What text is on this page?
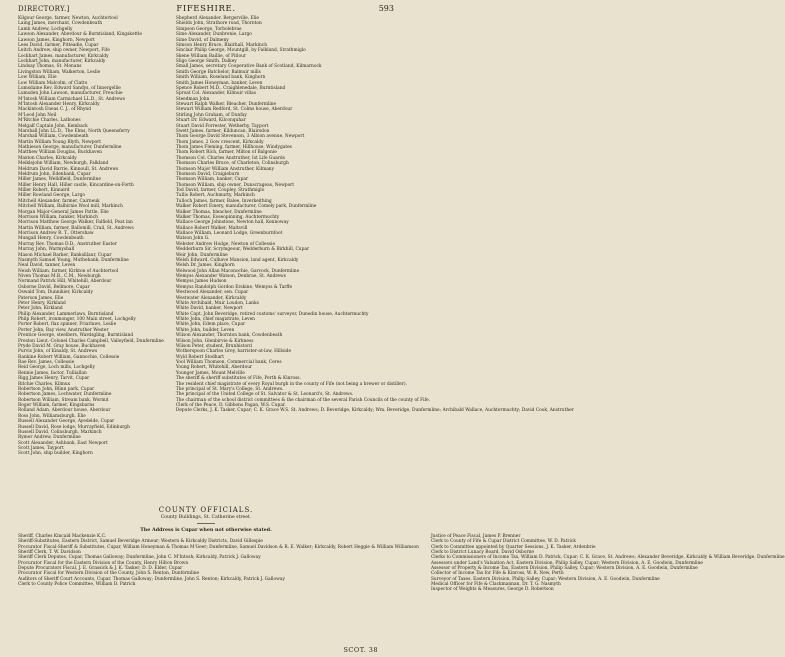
DIRECTORY.]	FIFESHIRE.	593
Kilgour George, farmer, Newton, Auchtertool
Laing James, merchant, Cowdenbeath
Lamb Andrew, Lochgelly
Lawson Alexander, Aberdour & Burntisland, Kingskettle
Lawson James, Kinghorn, Newport
Lees David, farmer, Pitteadie, Cupar
Leitch Andrew, ship owner, Newport, Fife
Lockhart James, manufacturer, Kirkcaldy
Lockhart John, manufacturer, Kirkcaldy
Lindsay Thomas, St. Monans
Livingston William, Walkerton, Leslie
Low William, Elie
Low William Malcolm, of Clatto
Lumsdaine Rev. Edward Sandys, of Innergellie
Lumsden John Lawson, manufacturer, Freuchie
M'Intosh William Carmichael LL.D., St. Andrews
M'Intosh Alexander Henry, Kirkcaldy
Mackintosh Eneas C. J., of Rhynd
M'Leod John Neil
M'Ritchie Charles, Lathones
Melgalf Captain John, Kemback
Marshall John LL.D., The Elms, North Queensferry
Marshall William, Cowdenbeath
Martin William Young Blyth, Newport
Mathieson George, manufacturer, Dunfermline
Matthew William Douglas, Buckhaven
Maxton Charles, Kirkcaldy
Meiklejohn William, Newburgh, Falkland
Meldrum David Barrie, Kinnoull, St. Andrews
Meldrum John, Edenbank, Cupar
Miller James, Welldfield, Dunfermline
Miller Henry Hall, Hiller castle, Kincardine-on-Forth
Miller Robert, Kinnaird
Miller Rowland George, Largo
Mitchell Alexander, farmer, Cairneuk
Mitchell William, Balbirnie Wool mill, Markinch
Morgan Major-General James Pattle, Elie
Morrison William, banker, Markinch
Morrison Matthew George Walker, Falfield, Peat inn
Martin William, farmer, Ballomill, Crail, St. Andrews
Morrison Andrew R. T., Ottershaw
Mungall Henry, Cowdenbeath
Murray Rev. Thomas D.D., Anstruther Easter
Murray John, Warmyshall
Mason Michael Barker, Bankslilaur, Cupar
Nasmyth Samuel Young, Muthebank, Dunfermline
Neal David, tanner, Leven
Neish William, farmer, Kirkton of Auchtertool
Niven Thomas M.B., C.M., Newburgh
Normand Patrick Hill, Whitehill, Aberdour
Osborne David, Bellmore, Cupar
Oswald Tom, Dunnikier, Kirkcaldy
Paterson James, Elie
Peter Henry, Kirkland
Peter John, Kirkland
Philip Alexander, Lammerlaws, Burntisland
Philp Robert, ironmonger, 100 Main street, Lochgelly
Porter Robert, flax spinner, Friarlaws, Leslie
Porter John, Bay view, Anstruther Wester
Prentice George, steelbers, Wardsgling, Burntisland
Preston Lieut.-Colonel Charles Campbell, Valleyfield, Dunfermline
Pryde David M. Gray house, Buckhaven
Purvis John, of Kinaldy, St. Andrews
Rankine Robert William, Gannochie, Collessie
Rae Rev. James, Collessie
Reid George, Loch mills, Lochgelly
Rennie James, factor, Tulliallan
Rigg James Henry, Tarvit, Cupar
Ritchie Charles, Kilmux
Robertson John, Blinn park, Cupar
Robertson James, Lochwater, Dunfermline
Robertson William, Stream bank, Wormit
Roger William, farmer, Kingsbarns
Rolland Adam, Aberdour house, Aberdour
Ross John, Williamsburgh, Elie
Russell Alexander George, Ayedelde, Cupar
Russell David, Rose lodge, Murrayfield, Edinburgh
Russell David, Colinsburgh, Markinch
Rymer Andrew, Dunfermline
Scott Alexander, Ashbank, East Newport
Scott James, Tayport
Scott John, ship builder, Kinghorn
Shepherd Alexander, Bergerville, Elie
Shields John, Strathore road, Thornton
Simpson George, Torbolebrae
Sime Alexander, Dunbrenie, Largo
Sime David, of Dalmeny
Simson Henry Bruce, Blairhall, Markinch
Sinclair Philip George, Mountgill, by Falkland, Strathmiglo
Skene William Baillie, of Pitlour
Sligo George Smith, Dalkey
Small James, secretary Cooperative Bank of Scotland, Kilmarnock
Smith George Batchelor, Balmuir mills
Smith William, Roseland bank, Kinghorn
Smith James Honeyman, banker, Leven
Spence Robert M.D., Craighlenedale, Burntisland
Sproat Col. Alexander, Kilmuir villas
Steedman John
Stewart Ralph Walker, Bleacher, Dunfermline
Stewart William Redford, St. Colms house, Aberdour
Stirling John Graham, of Dunfay
Stuart Dr. Edward, Kilconquhar
Stuart David Forrester, Wetherby, Tayport
Swett James, farmer, Kilduncan, Blairsdon
Thom George David Stevenson, 3 Albion avenue, Newport
Thom James, 2 Gow crescent, Kirkcaldy
Thom James Fleming, farmer, Hillhouse, Windygates
Thom Robert Rich, farmer, Milton of Balgonie
Thomson Col. Charles Anstruther, Ist Life Guards
Thomson Charles Bruce, of Charleton, Colinsburgh
Thomson Major William Anstruther, Kilmany
Thomson David, Craigieburn
Thomson William, banker, Cupar
Thomson William, ship owner, Dunscrageas, Newport
Tod David, farmer, Coupley, Strathmiglo
Tullis Robert, Auchmurty, Markinch
Tulloch James, farmer, Balee, Inverkeithing
Walker Robert Emery, manufacturer, Comely park, Dunfermline
Walker Thomas, bleacher, Dunfermline
Walker Thomas, Eoseopinning, Auchtermuchty
Wallace George Johnstone, Newton hall, Kennoway
Wallace Robert Walker, Maltsvill
Wallace William, Leonard Lodge, Greenburnfoot
Watson John G.
Webster Andrew Hodge, Newton of Collessie
Wedderburn Sir, Scrymgeour, Wedderburn & Birkhill, Cupar
Weir John, Dunfermline
Welsh Edward, Culhave Mansion, land agent, Kirkcaldy
Welsh Dr. James, Kinghorn
Welwood John Allan Maconochie, Garvock, Dunfermline
Wemyss Alexander Watson, Denbrae, St. Andrews
Wemyss James Hudson
Wemyss Randolph Gordon Erskine, Wemyss & Tarffe
Westwood Alexander, sen. Cupar
Westwater Alexander, Kirkcaldy
White Archibald, Muir Loudon, Lanks
White David, banker, Newport
White Capt. John Beveridge, retired customs' surveyor, Dunedin house, Auchtermuchty
White John, chief magistrate, Leven
White John, Edem place, Cupar
White John, builder, Leven
Wilson Alexander, Thornton bank, Cowdenbeath
Wilson John, Glenbirvie & Kirkness
Wilson Peter, student, Brunhistord
Wotherspoon Charles Grey, barrister-at-law, Hillside
Wyld Robert Stodhart
Yool William Thomson, Commercial bank, Ceres
Young Robert, Whitehill, Aberdour
Younger James, Mount Melville
The sheriff & sheriff substitutes of Fife, Perth & Kinross.
The resident chief magistrate of every Royal burgh in the county of Fife (not being a brewer or distiller).
The principal of St. Mary's College, St. Andrews.
The principal of the United College of St. Salvator & St. Leonard's, St. Andrews.
The chairman of the school district committees & the chairman of the several Parish Councils of the county of Fife.
Clerk of the Peace, D. Gibbons Pagan, W.S. Cupar.
Depute Clerks, J. K. Tasker, Cupar; C. K. Grace W.S. St. Andrews; D. Beveridge, Kirkcaldy; Wm. Beveridge, Dunfermline; Archibald Wallace, Auchtermuchty; David Cook, Anstruther
COUNTY OFFICIALS.
County Buildings, St. Catherine street.
The Address is Cupar when not otherwise stated.
Sheriff, Charles Kincaid Mackenzie K.C.
Sheriff-Substitutes, Eastern District, Samuel Beveridge Armour; Western & Kirkcaldy Districts, David Gillespie
Procurator Fiscal-Sheriff & Substitutes, Cupar, William Honeyman & Thomas M'Geer; Dunfermline, Samuel Davidson & R. E. Walker; Kirkcaldy, Robert Heggie & William Williamson
Sheriff Clerk, T. W. Davidson
Sheriff Clerk Deputes, Cupar, Thomas Galloway; Dunfermline, John C. M'Intosh; Kirkcaldy, Patrick J. Galloway
Procurator Fiscal for the Eastern Division of the County, Henry Hilton Brown
Depute Procurators Fiscal, J. E. Grassick & J. K. Tasker; D. D. Elder, Cupar
Procurator Fiscal for Western Division of the County, John S. Renton, Dunfermline
Auditors of Sheriff Court Accounts, Cupar, Thomas Galloway; Dunfermline, John S. Renton; Kirkcaldy, Patrick J. Galloway
Clerk to County Police Committee, William D. Patrick
Justice of Peace Fiscal, James P. Brenner
Clerk to County of Fife & Cupar District Committee, W. D. Patrick
Clerk to Committee appointed by Quarter Sessions, J. K. Tasker, Ardenbrie
Clerk to District Lunacy Board, David Osborne
Clerks to Commissioners of Income Tax, William D. Patrick, Cupar; C. K. Grace, St. Andrews; Alexander Beveridge, Kirkcaldy & William Beveridge, Dunfermline
Assessors under Land's Valuation Act, Eastern Division, Philip Salley, Cupar; Western Division, A. E. Goodwin, Dunfermline
Assessor of Property & Income Tax, Eastern Division, Philip Salley, Cupar; Western Division, A. E. Goodwin, Dunfermline
Collector of Income Tax for Fife & Kinross, W. R. New, Perth
Surveyor of Taxes, Eastern Division, Philip Salley, Cupar; Western Division, A. E. Goodwin, Dunfermline
Medical Officer for Fife & Clackmannan, Dr. T. G. Nasmyth
Inspector of Weights & Measures, George D. Robertson
SCOT. 38
